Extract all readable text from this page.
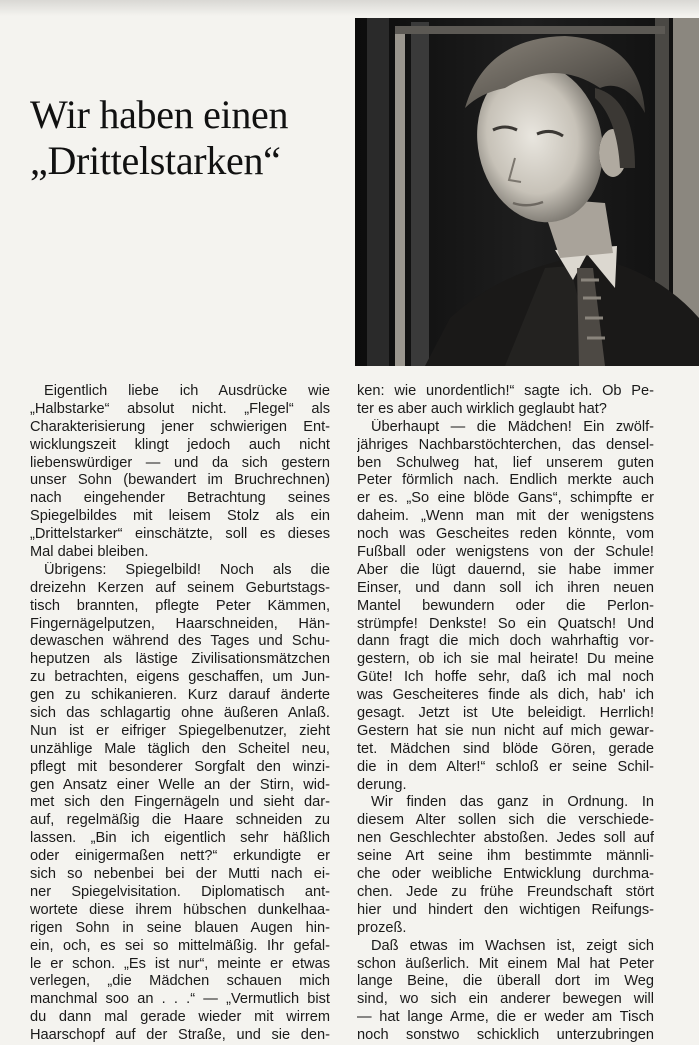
Wir haben einen
„Drittelstarken“
Eigentlich liebe ich Ausdrücke wie
„Halbstarke“ absolut nicht. „Flegel“ als
Charakterisierung jener schwierigen Ent-
wicklungszeit klingt jedoch auch nicht
liebenswürdiger — und da sich gestern
unser Sohn (bewandert im Bruchrechnen)
nach eingehender Betrachtung seines
Spiegelbildes mit leisem Stolz als ein
„Drittelstarker“ einschätzte, soll es dieses
Mal dabei bleiben.
Übrigens: Spiegelbild! Noch als die
dreizehn Kerzen auf seinem Geburtstags-
tisch brannten, pflegte Peter Kämmen,
Fingernägelputzen, Haarschneiden, Hän-
dewaschen während des Tages und Schu-
heputzen als lästige Zivilisationsmätzchen
zu betrachten, eigens geschaffen, um Jun-
gen zu schikanieren. Kurz darauf änderte
sich das schlagartig ohne äußeren Anlaß.
Nun ist er eifriger Spiegelbenutzer, zieht
unzählige Male täglich den Scheitel neu,
pflegt mit besonderer Sorgfalt den winzi-
gen Ansatz einer Welle an der Stirn, wid-
met sich den Fingernägeln und sieht dar-
auf, regelmäßig die Haare schneiden zu
lassen. „Bin ich eigentlich sehr häßlich
oder einigermaßen nett?“ erkundigte er
sich so nebenbei bei der Mutti nach ei-
ner Spiegelvisitation. Diplomatisch ant-
wortete diese ihrem hübschen dunkelhaa-
rigen Sohn in seine blauen Augen hin-
ein, och, es sei so mittelmäßig. Ihr gefal-
le er schon. „Es ist nur“, meinte er etwas
verlegen, „die Mädchen schauen mich
manchmal soo an . . .“ — „Vermutlich bist
du dann mal gerade wieder mit wirrem
Haarschopf auf der Straße, und sie den-
ken: wie unordentlich!“ sagte ich. Ob Pe-
ter es aber auch wirklich geglaubt hat?
Überhaupt — die Mädchen! Ein zwölf-
jähriges Nachbarstöchterchen, das densel-
ben Schulweg hat, lief unserem guten
Peter förmlich nach. Endlich merkte auch
er es. „So eine blöde Gans“, schimpfte er
daheim. „Wenn man mit der wenigstens
noch was Gescheites reden könnte, vom
Fußball oder wenigstens von der Schule!
Aber die lügt dauernd, sie habe immer
Einser, und dann soll ich ihren neuen
Mantel bewundern oder die Perlon-
strümpfe! Denkste! So ein Quatsch! Und
dann fragt die mich doch wahrhaftig vor-
gestern, ob ich sie mal heirate! Du meine
Güte! Ich hoffe sehr, daß ich mal noch
was Gescheiteres finde als dich, hab' ich
gesagt. Jetzt ist Ute beleidigt. Herrlich!
Gestern hat sie nun nicht auf mich gewar-
tet. Mädchen sind blöde Gören, gerade
die in dem Alter!“ schloß er seine Schil-
derung.
Wir finden das ganz in Ordnung. In
diesem Alter sollen sich die verschiede-
nen Geschlechter abstoßen. Jedes soll auf
seine Art seine ihm bestimmte männli-
che oder weibliche Entwicklung durchma-
chen. Jede zu frühe Freundschaft stört
hier und hindert den wichtigen Reifungs-
prozeß.
Daß etwas im Wachsen ist, zeigt sich
schon äußerlich. Mit einem Mal hat Peter
lange Beine, die überall dort im Weg
sind, wo sich ein anderer bewegen will
— hat lange Arme, die er weder am Tisch
noch sonstwo schicklich unterzubringen
